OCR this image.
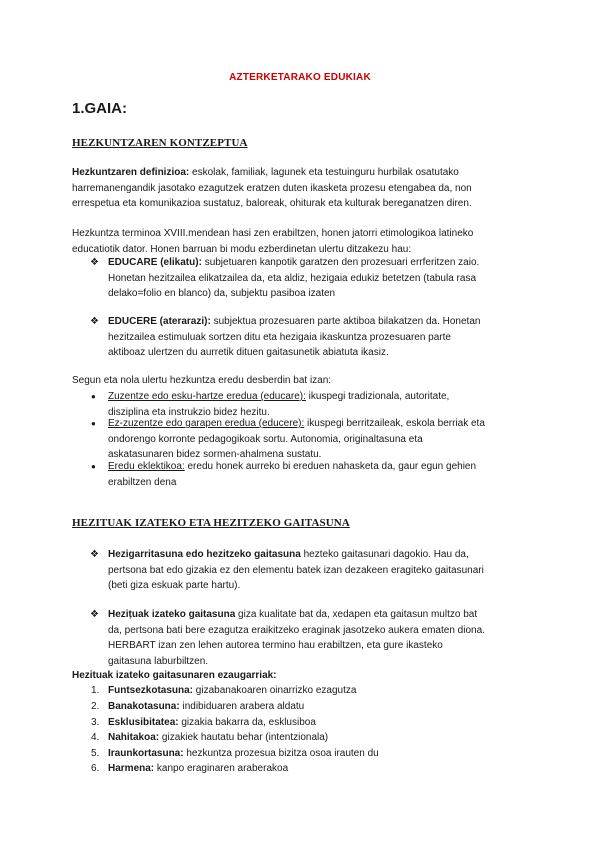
AZTERKETARAKO EDUKIAK
1.GAIA:
HEZKUNTZAREN KONTZEPTUA
Hezkuntzaren definizioa: eskolak, familiak, lagunek eta testuinguru hurbilak osatutako
harremanengandik jasotako ezagutzek eratzen duten ikasketa prozesu etengabea da, non
errespetua eta komunikazioa sustatuz, baloreak, ohiturak eta kulturak bereganatzen diren.
Hezkuntza terminoa XVIII.mendean hasi zen erabiltzen, honen jatorri etimologikoa latineko
educatiotik dator. Honen barruan bi modu ezberdinetan ulertu ditzakezu hau:
❖ EDUCARE (elikatu): subjetuaren kanpotik garatzen den prozesuari errferitzen zaio.
Honetan hezitzailea elikatzailea da, eta aldiz, hezigaia edukiz betetzen (tabula rasa
delako=folio en blanco) da, subjektu pasiboa izaten
❖ EDUCERE (aterarazi): subjektua prozesuaren parte aktiboa bilakatzen da. Honetan
hezitzailea estimuluak sortzen ditu eta hezigaia ikaskuntza prozesuaren parte
aktiboaz ulertzen du aurretik dituen gaitasunetik abiatuta ikasiz.
Segun eta nola ulertu hezkuntza eredu desberdin bat izan:
●	Zuzentze edo esku-hartze eredua (educare): ikuspegi tradizionala, autoritate,
disziplina eta instrukzio bidez hezitu.
●	Ez-zuzentze edo garapen eredua (educere): ikuspegi berritzaileak, eskola berriak eta
ondorengo korronte pedagogikoak sortu. Autonomia, originaltasuna eta
askatasunaren bidez sormen-ahalmena sustatu.
●	Eredu eklektikoa: eredu honek aurreko bi ereduen nahasketa da, gaur egun gehien
erabiltzen dena
HEZITUAK IZATEKO ETA HEZITZEKO GAITASUNA
❖ Hezigarritasuna edo hezitzeko gaitasuna hezteko gaitasunari dagokio. Hau da,
pertsona bat edo gizakia ez den elementu batek izan dezakeen eragiteko gaitasunari
(beti giza eskuak parte hartu).
❖ Heziṭuak izateko gaitasuna giza kualitate bat da, xedapen eta gaitasun multzo bat
da, pertsona bati bere ezagutza eraikitzeko eraginak jasotzeko aukera ematen diona.
HERBART izan zen lehen autorea termino hau erabiltzen, eta gure ikasteko
gaitasuna laburbiltzen.
Hezituak izateko gaitasunaren ezaugarriak:
1. Funtsezkotasuna: gizabanakoaren oinarrizko ezagutza
2. Banakotasuna: indibiduaren arabera aldatu
3. Esklusibitatea: gizakia bakarra da, esklusiboa
4. Nahitakoa: gizakiek hautatu behar (intentzionala)
5. Iraunkortasuna: hezkuntza prozesua bizitza osoa irauten du
6. Harmena: kanpo eraginaren araberakoa
